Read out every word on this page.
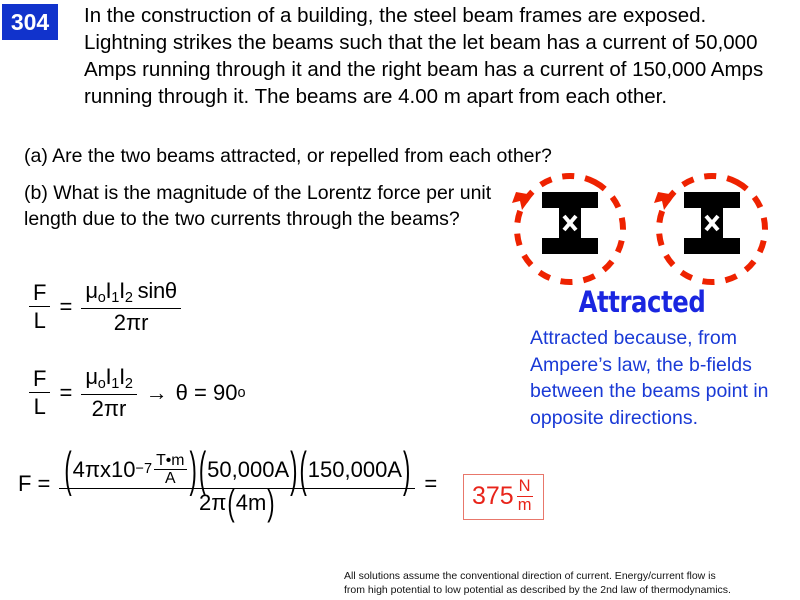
304	In the construction of a building, the steel beam frames are exposed. Lightning strikes the beams such that the let beam has a current of 50,000 Amps running through it and the right beam has a current of 150,000 Amps running through it. The beams are 4.00 m apart from each other.
(a) Are the two beams attracted, or repelled from each other?
(b) What is the magnitude of the Lorentz force per unit length due to the two currents through the beams?
Attracted
Attracted because, from Ampere’s law, the b-fields between the beams point in opposite directions.
$\frac{F}{L} = \frac{\mu_oI_1I_2 \sin\theta}{2\pi r}$
$\frac{F}{L} = \frac{\mu_oI_1I_2}{2\pi r} \to \theta = 90$ o
F = ( $4\pi x10 -7 \frac{T•m}{A}$ ) ( 50,000A ) ( 150,000A )
2π ( 4m )	= $375 \frac{N}{m}$
All solutions assume the conventional direction of current. Energy/current flow is
from high potential to low potential as described by the 2nd law of thermodynamics.
